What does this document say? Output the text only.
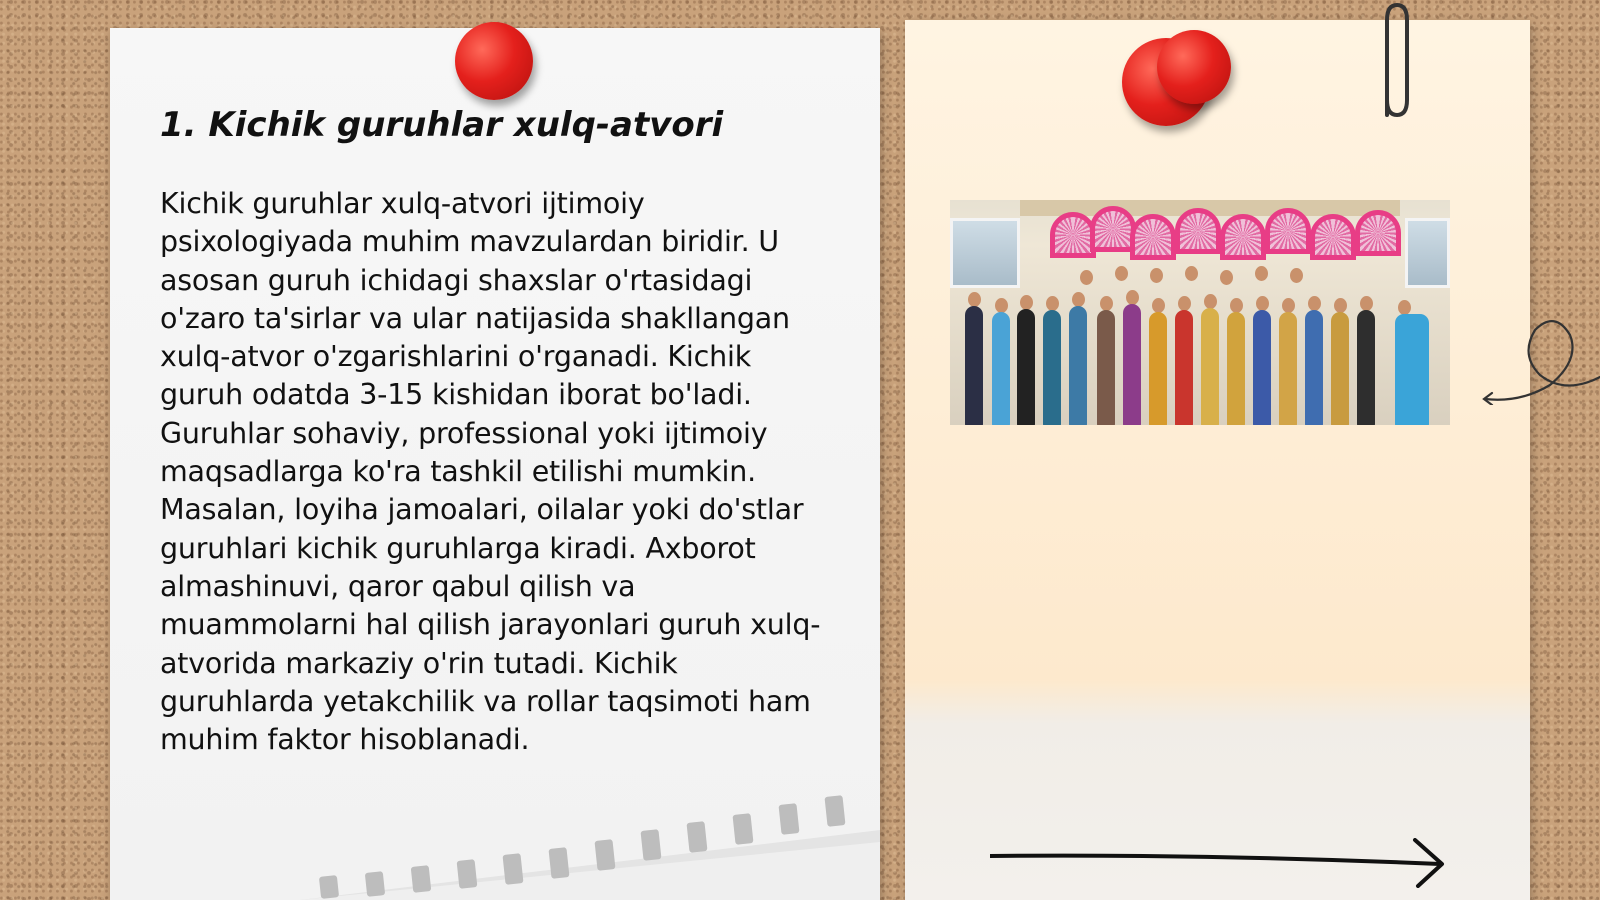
1. Kichik guruhlar xulq-atvori
Kichik guruhlar xulq-atvori ijtimoiy psixologiyada muhim mavzulardan biridir. U asosan guruh ichidagi shaxslar o'rtasidagi o'zaro ta'sirlar va ular natijasida shakllangan xulq-atvor o'zgarishlarini o'rganadi. Kichik guruh odatda 3-15 kishidan iborat bo'ladi. Guruhlar sohaviy, professional yoki ijtimoiy maqsadlarga ko'ra tashkil etilishi mumkin. Masalan, loyiha jamoalari, oilalar yoki do'stlar guruhlari kichik guruhlarga kiradi. Axborot almashinuvi, qaror qabul qilish va muammolarni hal qilish jarayonlari guruh xulq-atvorida markaziy o'rin tutadi. Kichik guruhlarda yetakchilik va rollar taqsimoti ham muhim faktor hisoblanadi.
